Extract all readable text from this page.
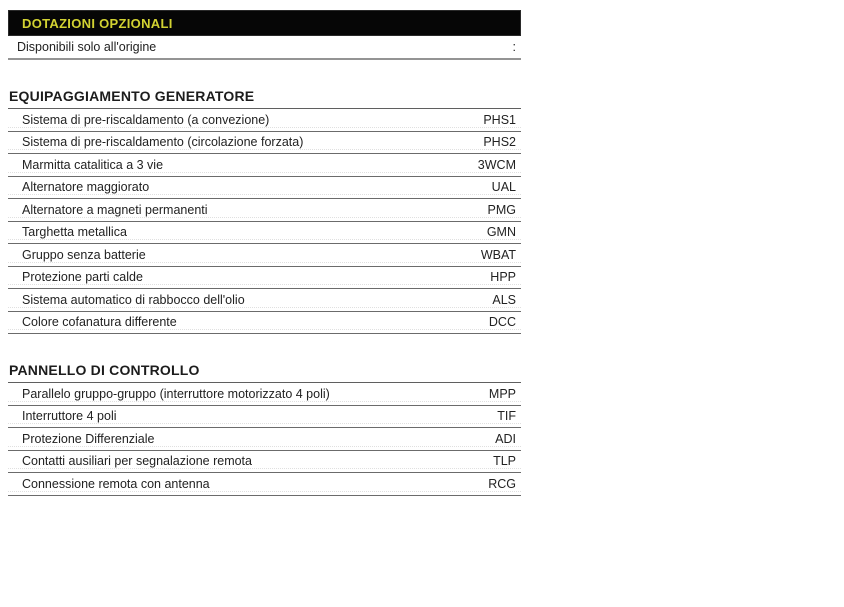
DOTAZIONI OPZIONALI
Disponibili solo all'origine	:
EQUIPAGGIAMENTO GENERATORE
Sistema di pre-riscaldamento (a convezione)	PHS1
Sistema di pre-riscaldamento (circolazione forzata)	PHS2
Marmitta catalitica a 3 vie	3WCM
Alternatore maggiorato	UAL
Alternatore a magneti permanenti	PMG
Targhetta metallica	GMN
Gruppo senza batterie	WBAT
Protezione parti calde	HPP
Sistema automatico di rabbocco dell'olio	ALS
Colore cofanatura differente	DCC
PANNELLO DI CONTROLLO
Parallelo gruppo-gruppo (interruttore motorizzato 4 poli)	MPP
Interruttore 4 poli	TIF
Protezione Differenziale	ADI
Contatti ausiliari per segnalazione remota	TLP
Connessione remota con antenna	RCG
